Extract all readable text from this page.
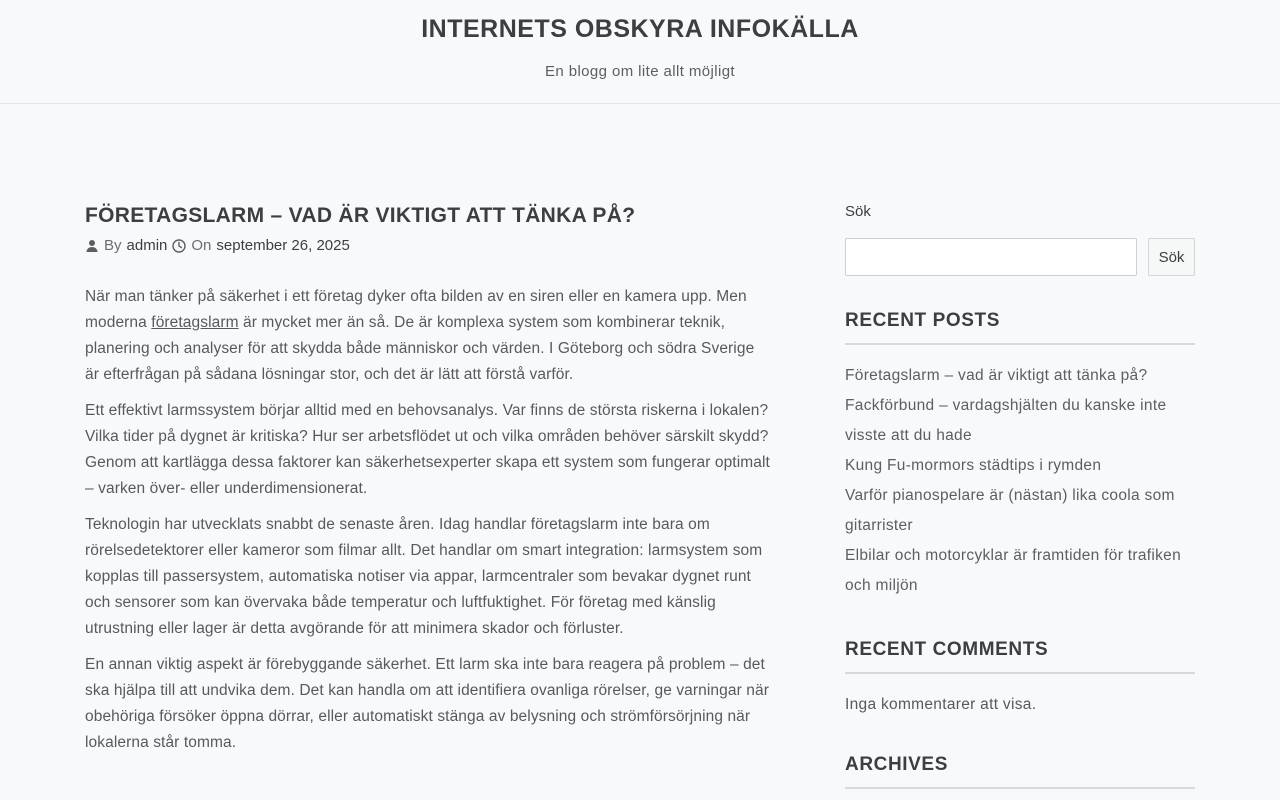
INTERNETS OBSKYRA INFOKÄLLA
En blogg om lite allt möjligt
FÖRETAGSLARM – VAD ÄR VIKTIGT ATT TÄNKA PÅ?
By admin On september 26, 2025

När man tänker på säkerhet i ett företag dyker ofta bilden av en siren eller en kamera upp. Men moderna företagslarm är mycket mer än så. De är komplexa system som kombinerar teknik, planering och analyser för att skydda både människor och värden. I Göteborg och södra Sverige är efterfrågan på sådana lösningar stor, och det är lätt att förstå varför.

Ett effektivt larmssystem börjar alltid med en behovsanalys. Var finns de största riskerna i lokalen? Vilka tider på dygnet är kritiska? Hur ser arbetsflödet ut och vilka områden behöver särskilt skydd? Genom att kartlägga dessa faktorer kan säkerhetsexperter skapa ett system som fungerar optimalt – varken över- eller underdimensionerat.

Teknologin har utvecklats snabbt de senaste åren. Idag handlar företagslarm inte bara om rörelsedetektorer eller kameror som filmar allt. Det handlar om smart integration: larmsystem som kopplas till passersystem, automatiska notiser via appar, larmcentraler som bevakar dygnet runt och sensorer som kan övervaka både temperatur och luftfuktighet. För företag med känslig utrustning eller lager är detta avgörande för att minimera skador och förluster.

En annan viktig aspekt är förebyggande säkerhet. Ett larm ska inte bara reagera på problem – det ska hjälpa till att undvika dem. Det kan handla om att identifiera ovanliga rörelser, ge varningar när obehöriga försöker öppna dörrar, eller automatiskt stänga av belysning och strömförsörjning när lokalerna står tomma.

Sök
Sök
RECENT POSTS
Företagslarm – vad är viktigt att tänka på?
Fackförbund – vardagshjälten du kanske inte visste att du hade
Kung Fu-mormors städtips i rymden
Varför pianospelare är (nästan) lika coola som gitarrister
Elbilar och motorcyklar är framtiden för trafiken och miljön
RECENT COMMENTS
Inga kommentarer att visa.
ARCHIVES
